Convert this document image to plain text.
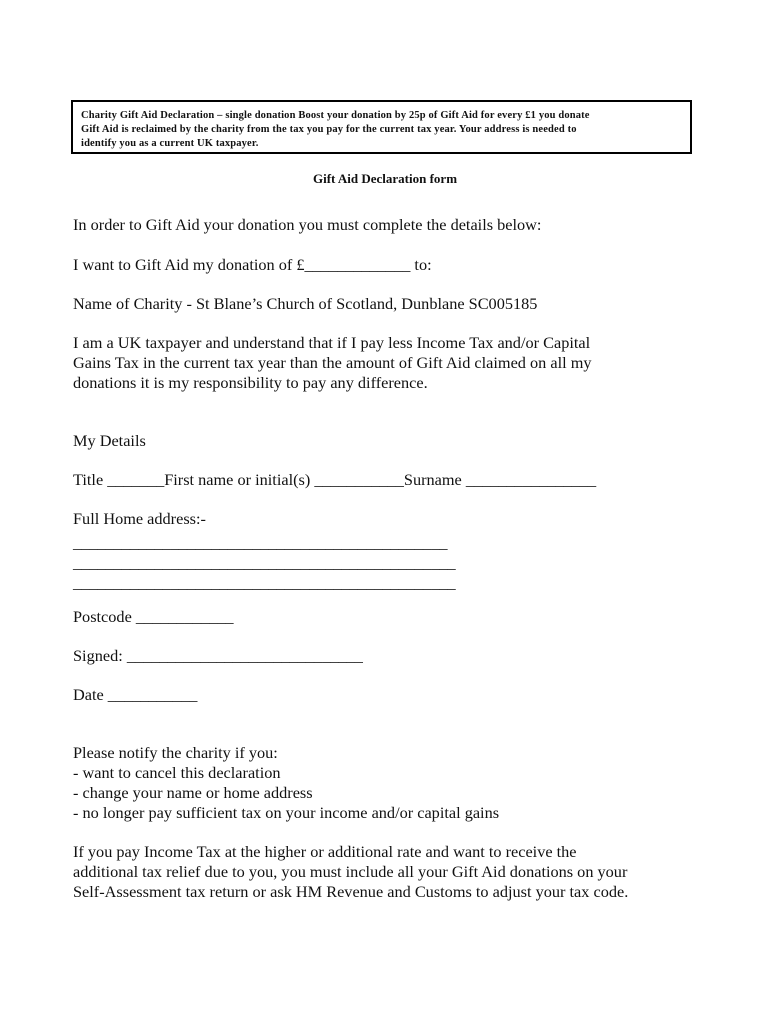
Charity Gift Aid Declaration – single donation Boost your donation by 25p of Gift Aid for every £1 you donate
Gift Aid is reclaimed by the charity from the tax you pay for the current tax year. Your address is needed to
identify you as a current UK taxpayer.
Gift Aid Declaration form
In order to Gift Aid your donation you must complete the details below:
I want to Gift Aid my donation of £_____________ to:
Name of Charity - St Blane’s Church of Scotland, Dunblane SC005185
I am a UK taxpayer and understand that if I pay less Income Tax and/or Capital
Gains Tax in the current tax year than the amount of Gift Aid claimed on all my
donations it is my responsibility to pay any difference.
My Details
Title _______First name or initial(s) ___________Surname ________________
Full Home address:-
______________________________________________
_______________________________________________
_______________________________________________
Postcode ____________
Signed: _____________________________
Date ___________
Please notify the charity if you:
- want to cancel this declaration
- change your name or home address
- no longer pay sufficient tax on your income and/or capital gains
If you pay Income Tax at the higher or additional rate and want to receive the
additional tax relief due to you, you must include all your Gift Aid donations on your
Self-Assessment tax return or ask HM Revenue and Customs to adjust your tax code.
